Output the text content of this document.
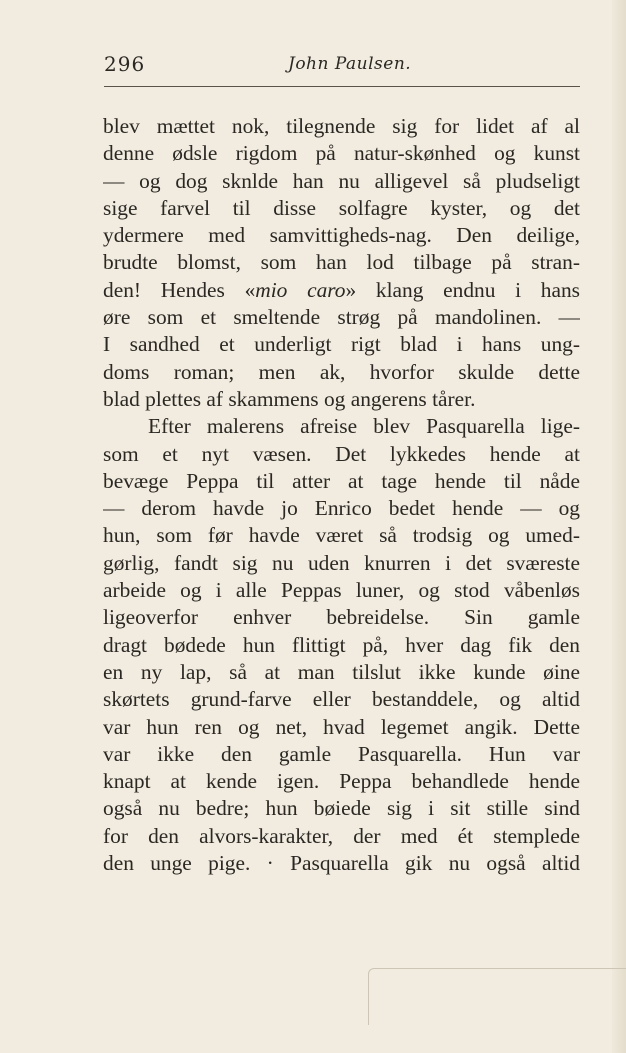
296	John Paulsen.
blev mættet nok, tilegnende sig for lidet af al
denne ødsle rigdom på natur-skønhed og kunst
— og dog sknlde han nu alligevel så pludseligt
sige farvel til disse solfagre kyster, og det
ydermere med samvittigheds-nag. Den deilige,
brudte blomst, som han lod tilbage på stran-
den! Hendes «mio caro» klang endnu i hans
øre som et smeltende strøg på mandolinen. —
I sandhed et underligt rigt blad i hans ung-
doms roman; men ak, hvorfor skulde dette
blad plettes af skammens og angerens tårer.
Efter malerens afreise blev Pasquarella lige-
som et nyt væsen. Det lykkedes hende at
bevæge Peppa til atter at tage hende til nåde
— derom havde jo Enrico bedet hende — og
hun, som før havde været så trodsig og umed-
gørlig, fandt sig nu uden knurren i det sværeste
arbeide og i alle Peppas luner, og stod våbenløs
ligeoverfor enhver bebreidelse. Sin gamle
dragt bødede hun flittigt på, hver dag fik den
en ny lap, så at man tilslut ikke kunde øine
skørtets grund-farve eller bestanddele, og altid
var hun ren og net, hvad legemet angik. Dette
var ikke den gamle Pasquarella. Hun var
knapt at kende igen. Peppa behandlede hende
også nu bedre; hun bøiede sig i sit stille sind
for den alvors-karakter, der med ét stemplede
den unge pige. · Pasquarella gik nu også altid
